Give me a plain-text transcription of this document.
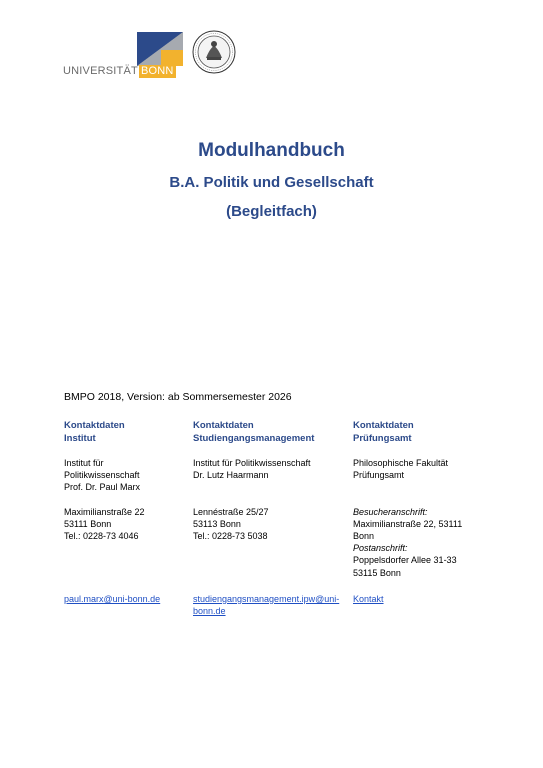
UNIVERSITÄT BONN
Modulhandbuch
B.A. Politik und Gesellschaft
(Begleitfach)
BMPO 2018, Version: ab Sommersemester 2026
Kontaktdaten
Institut
Institut für
Politikwissenschaft
Prof. Dr. Paul Marx
Maximilianstraße 22
53111 Bonn
Tel.: 0228-73 4046
Kontaktdaten
Studiengangsmanagement
Institut für Politikwissenschaft
Dr. Lutz Haarmann
Lennéstraße 25/27
53113 Bonn
Tel.: 0228-73 5038
Kontaktdaten
Prüfungsamt
Philosophische Fakultät
Prüfungsamt
Besucheranschrift:
Maximilianstraße 22, 53111
Bonn
Postanschrift:
Poppelsdorfer Allee 31-33
53115 Bonn
paul.marx@uni-bonn.de	studiengangsmanagement.ipw@uni-
bonn.de
Kontakt
